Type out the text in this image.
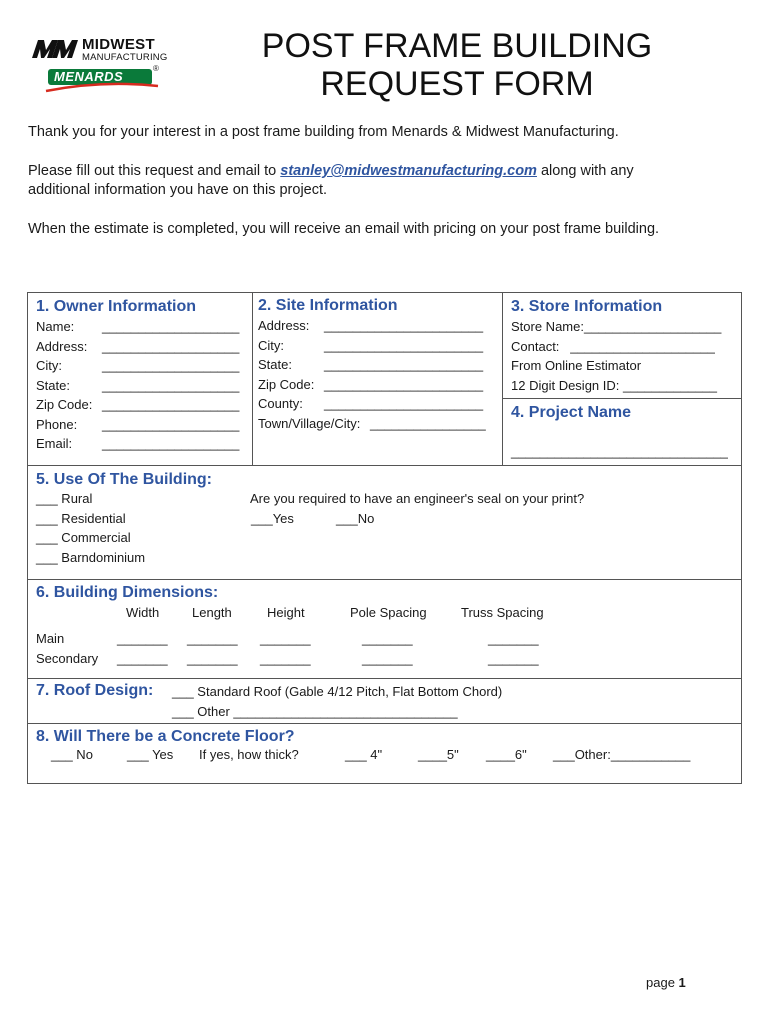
MIDWEST
MANUFACTURING
MENARDS
®
POST FRAME BUILDING
REQUEST FORM
Thank you for your interest in a post frame building from Menards & Midwest Manufacturing.
Please fill out this request and email to stanley@midwestmanufacturing.com along with any
additional information you have on this project.
When the estimate is completed, you will receive an email with pricing on your post frame building.
1. Owner Information
Name: ___________________
Address: ___________________
City:	___________________
State: ___________________
Zip Code: ___________________
Phone: ___________________
Email: ___________________
2. Site Information
Address: ______________________
City:	______________________
State: ______________________
Zip Code: ______________________
County: ______________________
Town/Village/City: ________________
3. Store Information
Store Name:___________________
Contact:   ____________________
From Online Estimator
12 Digit Design ID: _____________
4. Project Name
______________________________
5. Use Of The Building:
___ Rural
___ Residential
___ Commercial
___ Barndominium
Are you required to have an engineer's seal on your print?
___Yes	___No
6. Building Dimensions:
Width	Length	Height	Pole Spacing	Truss Spacing
Main	_______ _______ _______	_______	_______
Secondary _______ _______ _______	_______	_______
7. Roof Design: ___ Standard Roof (Gable 4/12 Pitch, Flat Bottom Chord)
___ Other _______________________________
8. Will There be a Concrete Floor?
___ No	___ Yes If yes, how thick?	___ 4"	____5" ____6" ___Other:___________
page 1
